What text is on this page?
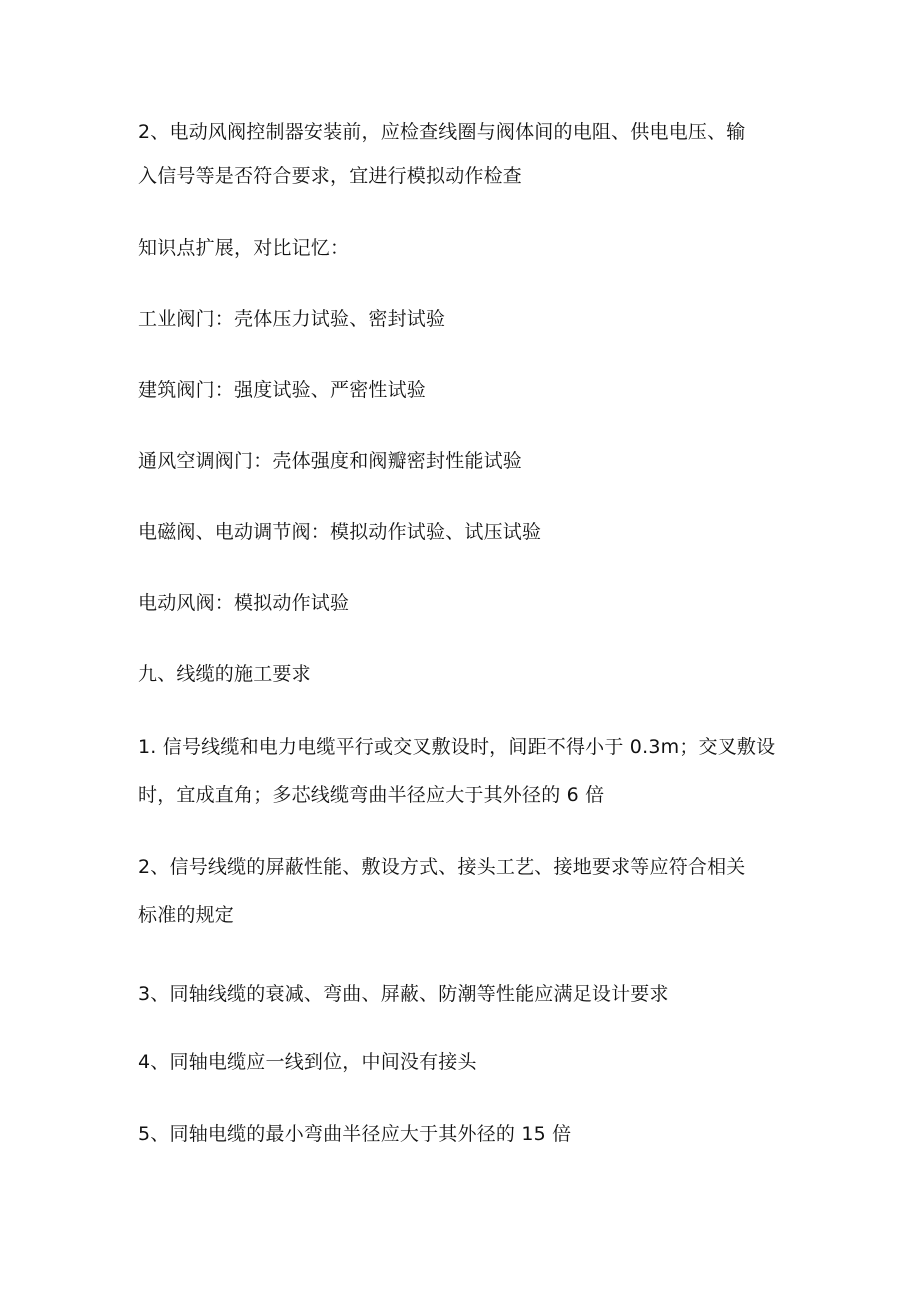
2、电动风阀控制器安装前，应检查线圈与阀体间的电阻、供电电压、输
入信号等是否符合要求，宜进行模拟动作检查
知识点扩展，对比记忆：
工业阀门：壳体压力试验、密封试验
建筑阀门：强度试验、严密性试验
通风空调阀门：壳体强度和阀瓣密封性能试验
电磁阀、电动调节阀：模拟动作试验、试压试验
电动风阀：模拟动作试验
九、线缆的施工要求
1. 信号线缆和电力电缆平行或交叉敷设时，间距不得小于 0.3m；交叉敷设
时，宜成直角；多芯线缆弯曲半径应大于其外径的 6 倍
2、信号线缆的屏蔽性能、敷设方式、接头工艺、接地要求等应符合相关
标准的规定
3、同轴线缆的衰减、弯曲、屏蔽、防潮等性能应满足设计要求
4、同轴电缆应一线到位，中间没有接头
5、同轴电缆的最小弯曲半径应大于其外径的 15 倍
